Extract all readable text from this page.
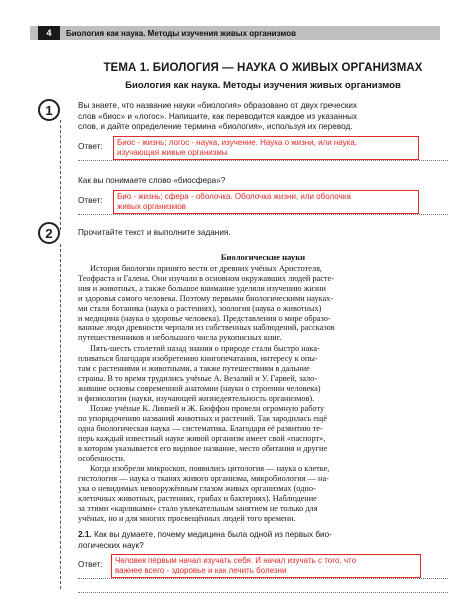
4	Биология как наука. Методы изучения живых организмов
ТЕМА 1. БИОЛОГИЯ — НАУКА О ЖИВЫХ ОРГАНИЗМАХ
Биология как наука. Методы изучения живых организмов
1	Вы знаете, что название науки «биология» образовано от двух греческих
слов «биос» и «логос». Напишите, как переводится каждое из указанных
слов, и дайте определение термина «биология», используя их перевод.
Ответ: Биос - жизнь; логос - наука, изучение. Наука о жизни, или наука,
изучающая живые организмы
Как вы понимаете слово «биосфера»?
Ответ: Био - жизнь; сфера - оболочка. Оболочка жизни, или оболочка
живых организмов
2	Прочитайте текст и выполните задания.
Биологические науки
История биологии принято вести от древних учёных Аристотеля,
Теофраста и Галена. Они изучали в основном окружавших людей расте-
ния и животных, а также большое внимание уделяли изучению жизни
и здоровья самого человека. Поэтому первыми биологическими науках-
ми стали ботаника (наука о растениях), зоология (наука о животных)
и медицина (наука о здоровье человека). Представления о мире образо-
ванные люди древности черпали из собственных наблюдений, рассказов
путешественников и небольшого числа рукописных книг.
Пять-шесть столетий назад знания о природе стали быстро нака-
пливаться благодаря изобретению книгопечатания, интересу к опы-
там с растениями и животными, а также путешествиям в дальние
страны. В то время трудились учёные А. Везалий и У. Гарвей, зало-
жившие основы современной анатомии (науки о строении человека)
и физиологии (науки, изучающей жизнедеятельность организмов).
Позже учёные К. Линней и Ж. Бюффон провели огромную работу
по упорядочению названий животных и растений. Так зародилась ещё
одна биологическая наука — систематика. Благодаря её развитию те-
перь каждый известный науке живой организм имеет свой «паспорт»,
в котором указывается его видовое название, место обитания и другие
особенности.
Когда изобрели микроскоп, появились цитология — наука о клетке,
гистология — наука о тканях живого организма, микробиология — на-
ука о невидимых невооружённым глазом живых организмах (одно-
клеточных животных, растениях, грибах и бактериях). Наблюдение
за этими «карликами» стало увлекательным занятием не только для
учёных, но и для многих просвещённых людей того времени.
2.1. Как вы думаете, почему медицина была одной из первых био-
логических наук?
Ответ: Человек первым начал изучать себя. И начал изучать с того, что
важнее всего - здоровье и как лечить болезни
